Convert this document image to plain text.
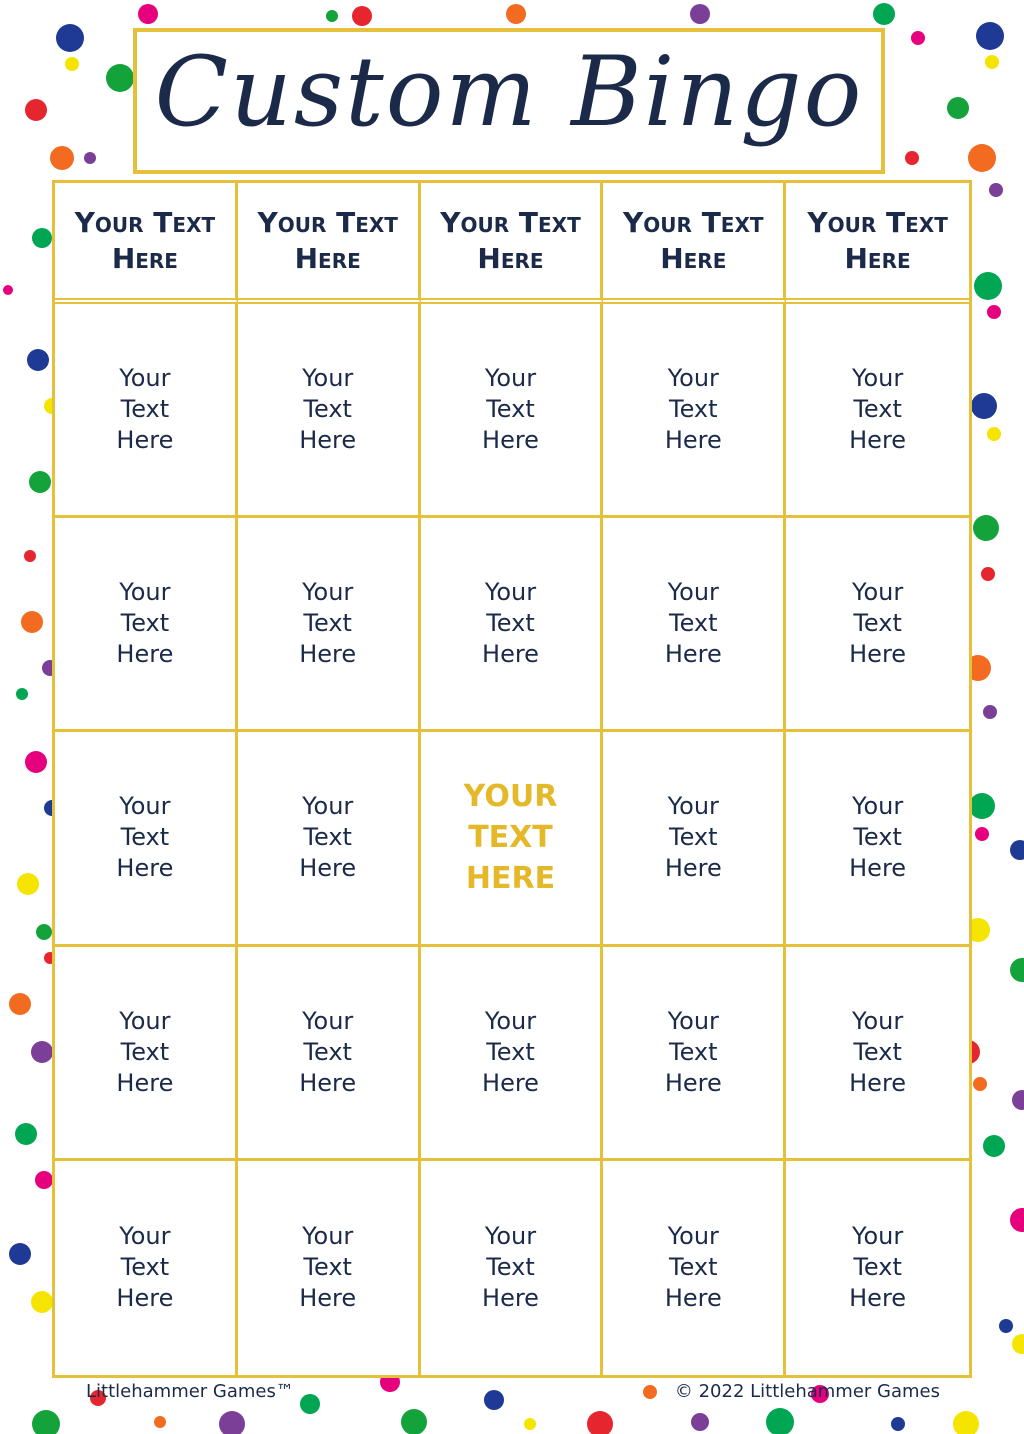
Custom Bingo
Your Text Here
Your Text Here
Your Text Here
Your Text Here
Your Text Here
Your Text Here
Your Text Here
Your Text Here
Your Text Here
Your Text Here
Your Text Here
Your Text Here
Your Text Here
Your Text Here
Your Text Here
Your Text Here
Your Text Here
YOUR TEXT HERE
Your Text Here
Your Text Here
Your Text Here
Your Text Here
Your Text Here
Your Text Here
Your Text Here
Your Text Here
Your Text Here
Your Text Here
Your Text Here
Your Text Here
Littlehammer Games™	© 2022 Littlehammer Games
